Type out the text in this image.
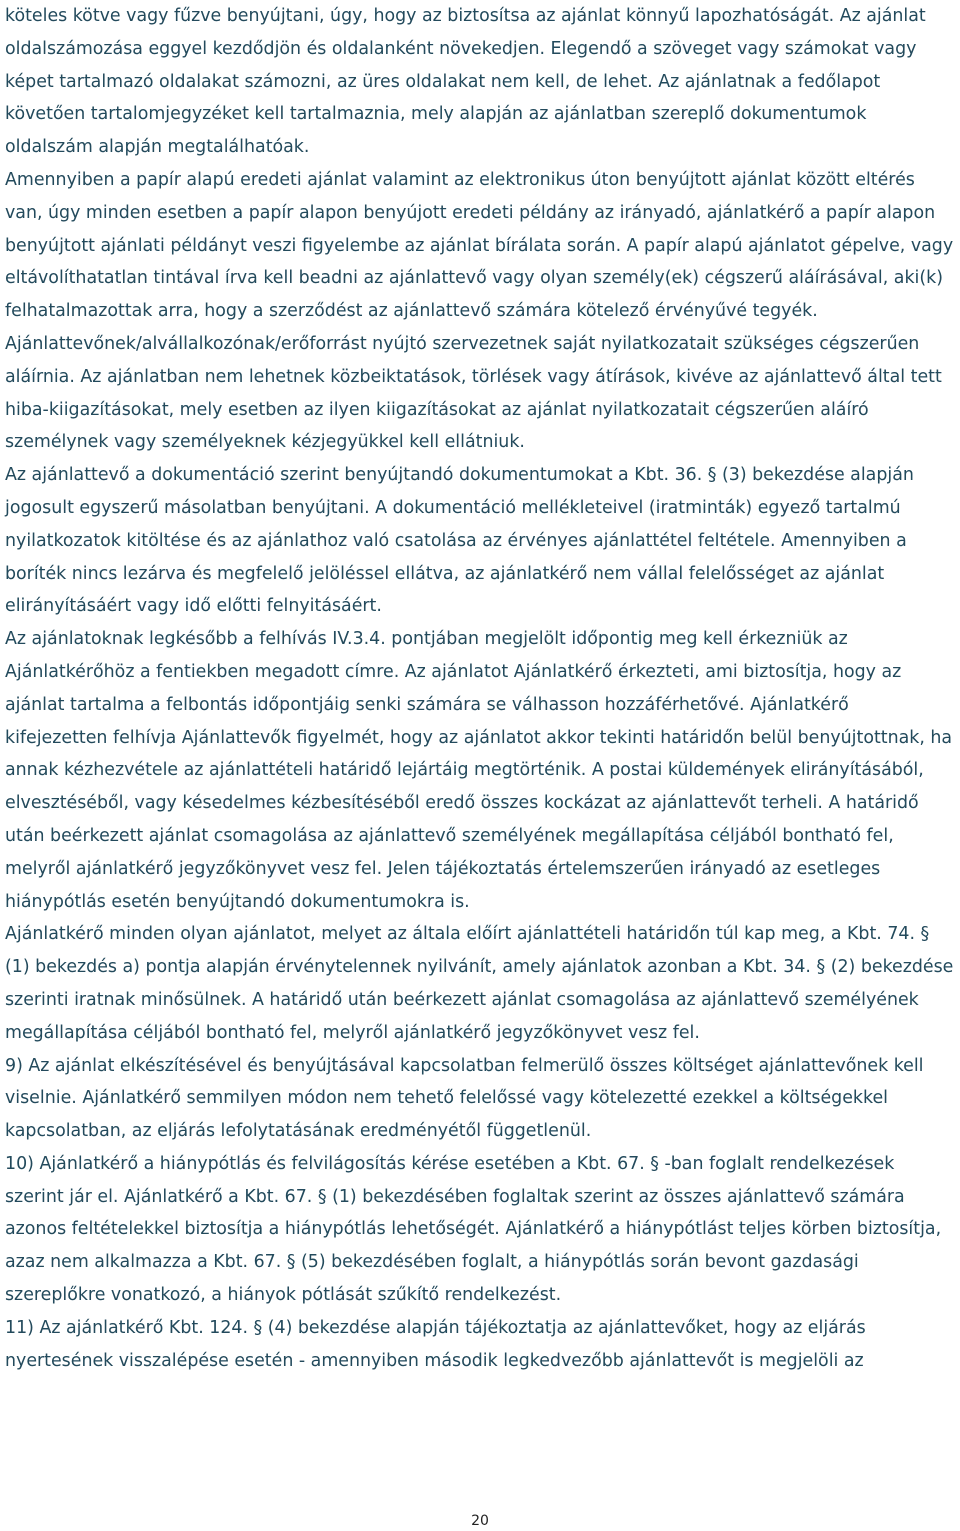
köteles kötve vagy fűzve benyújtani, úgy, hogy az biztosítsa az ajánlat könnyű lapozhatóságát. Az ajánlat oldalszámozása eggyel kezdődjön és oldalanként növekedjen. Elegendő a szöveget vagy számokat vagy képet tartalmazó oldalakat számozni, az üres oldalakat nem kell, de lehet. Az ajánlatnak a fedőlapot követően tartalomjegyzéket kell tartalmaznia, mely alapján az ajánlatban szereplő dokumentumok oldalszám alapján megtalálhatóak.

Amennyiben a papír alapú eredeti ajánlat valamint az elektronikus úton benyújtott ajánlat között eltérés van, úgy minden esetben a papír alapon benyújott eredeti példány az irányadó, ajánlatkérő a papír alapon benyújtott ajánlati példányt veszi figyelembe az ajánlat bírálata során. A papír alapú ajánlatot gépelve, vagy eltávolíthatatlan tintával írva kell beadni az ajánlattevő vagy olyan személy(ek) cégszerű aláírásával, aki(k) felhatalmazottak arra, hogy a szerződést az ajánlattevő számára kötelező érvényűvé tegyék. Ajánlattevőnek/alvállalkozónak/erőforrást nyújtó szervezetnek saját nyilatkozatait szükséges cégszerűen aláírnia. Az ajánlatban nem lehetnek közbeiktatások, törlések vagy átírások, kivéve az ajánlattevő által tett hiba-kiigazításokat, mely esetben az ilyen kiigazításokat az ajánlat nyilatkozatait cégszerűen aláíró személynek vagy személyeknek kézjegyükkel kell ellátniuk.

Az ajánlattevő a dokumentáció szerint benyújtandó dokumentumokat a Kbt. 36. § (3) bekezdése alapján jogosult egyszerű másolatban benyújtani. A dokumentáció mellékleteivel (iratminták) egyező tartalmú nyilatkozatok kitöltése és az ajánlathoz való csatolása az érvényes ajánlattétel feltétele. Amennyiben a boríték nincs lezárva és megfelelő jelöléssel ellátva, az ajánlatkérő nem vállal felelősséget az ajánlat elirányításáért vagy idő előtti felnyitásáért.

Az ajánlatoknak legkésőbb a felhívás IV.3.4. pontjában megjelölt időpontig meg kell érkezniük az Ajánlatkérőhöz a fentiekben megadott címre. Az ajánlatot Ajánlatkérő érkezteti, ami biztosítja, hogy az ajánlat tartalma a felbontás időpontjáig senki számára se válhasson hozzáférhetővé. Ajánlatkérő kifejezetten felhívja Ajánlattevők figyelmét, hogy az ajánlatot akkor tekinti határidőn belül benyújtottnak, ha annak kézhezvétele az ajánlattételi határidő lejártáig megtörténik. A postai küldemények elirányításából, elvesztéséből, vagy késedelmes kézbesítéséből eredő összes kockázat az ajánlattevőt terheli. A határidő után beérkezett ajánlat csomagolása az ajánlattevő személyének megállapítása céljából bontható fel, melyről ajánlatkérő jegyzőkönyvet vesz fel. Jelen tájékoztatás értelemszerűen irányadó az esetleges hiánypótlás esetén benyújtandó dokumentumokra is.

Ajánlatkérő minden olyan ajánlatot, melyet az általa előírt ajánlattételi határidőn túl kap meg, a Kbt. 74. § (1) bekezdés a) pontja alapján érvénytelennek nyilvánít, amely ajánlatok azonban a Kbt. 34. § (2) bekezdése szerinti iratnak minősülnek. A határidő után beérkezett ajánlat csomagolása az ajánlattevő személyének megállapítása céljából bontható fel, melyről ajánlatkérő jegyzőkönyvet vesz fel.

9) Az ajánlat elkészítésével és benyújtásával kapcsolatban felmerülő összes költséget ajánlattevőnek kell viselnie. Ajánlatkérő semmilyen módon nem tehető felelőssé vagy kötelezetté ezekkel a költségekkel kapcsolatban, az eljárás lefolytatásának eredményétől függetlenül.

10) Ajánlatkérő a hiánypótlás és felvilágosítás kérése esetében a Kbt. 67. § -ban foglalt rendelkezések szerint jár el. Ajánlatkérő a Kbt. 67. § (1) bekezdésében foglaltak szerint az összes ajánlattevő számára azonos feltételekkel biztosítja a hiánypótlás lehetőségét. Ajánlatkérő a hiánypótlást teljes körben biztosítja, azaz nem alkalmazza a Kbt. 67. § (5) bekezdésében foglalt, a hiánypótlás során bevont gazdasági szereplőkre vonatkozó, a hiányok pótlását szűkítő rendelkezést.

11) Az ajánlatkérő Kbt. 124. § (4) bekezdése alapján tájékoztatja az ajánlattevőket, hogy az eljárás nyertesének visszalépése esetén - amennyiben második legkedvezőbb ajánlattevőt is megjelöli az

20
